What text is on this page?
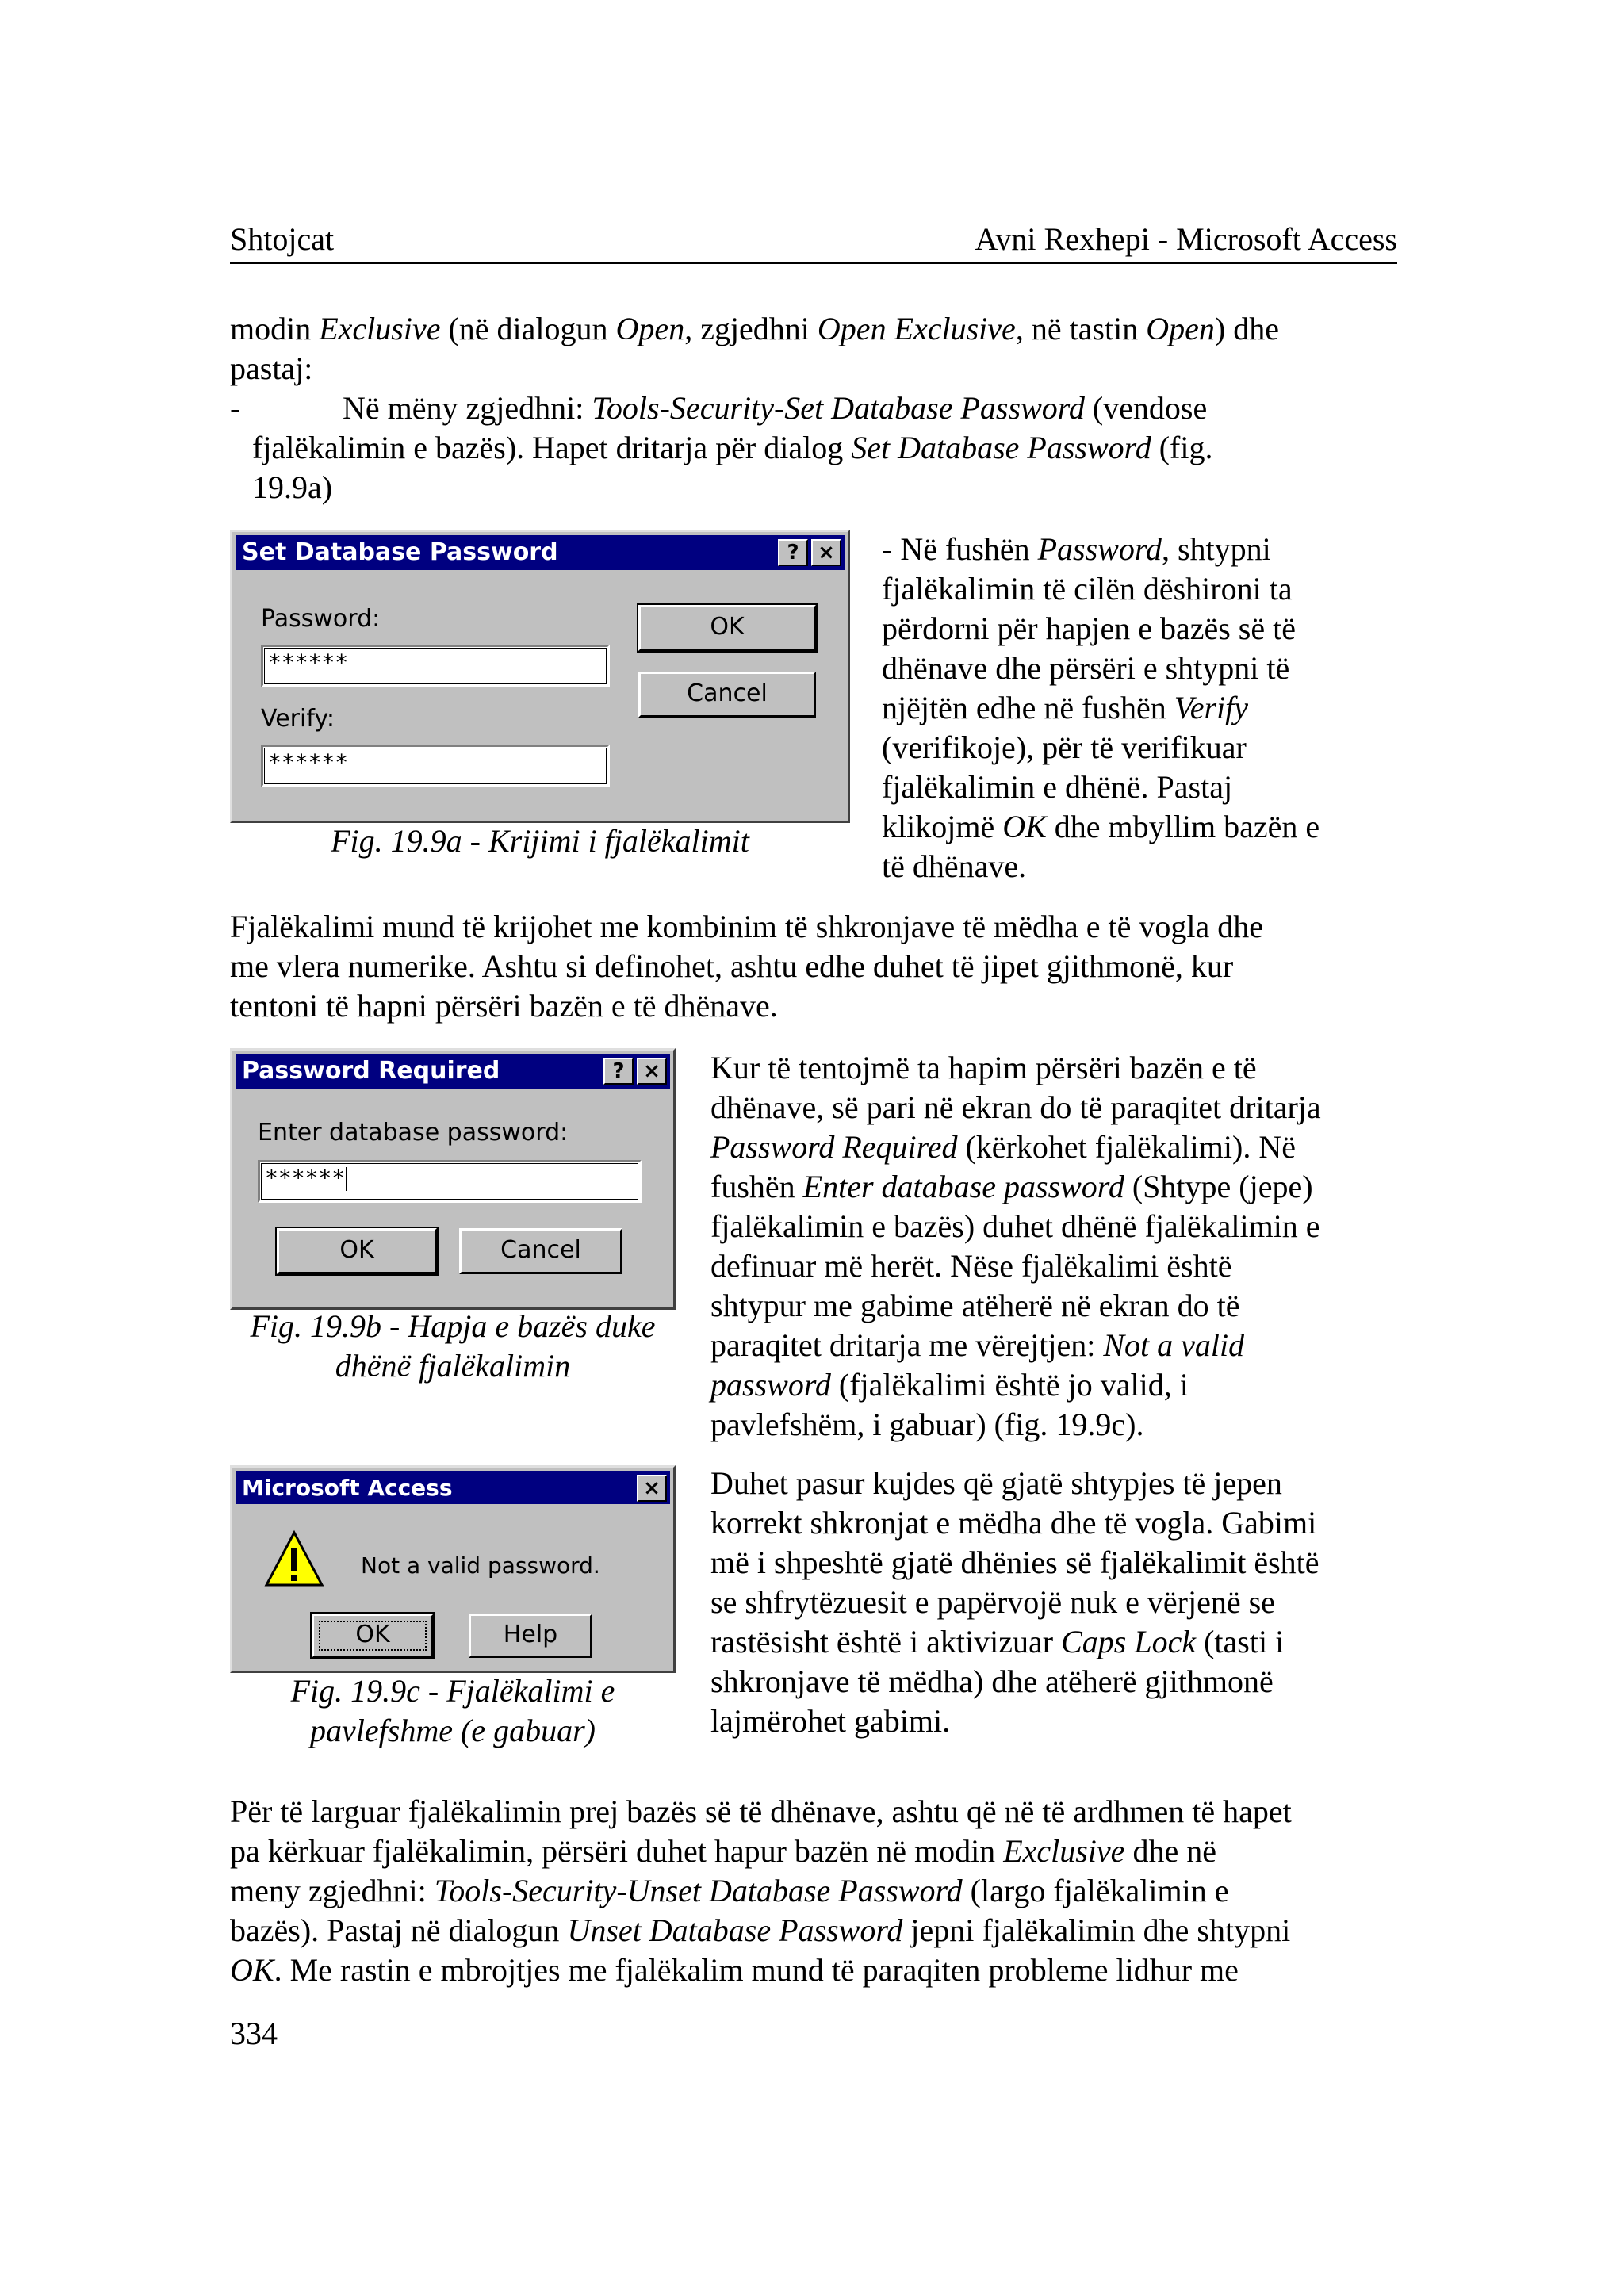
Shtojcat	Avni Rexhepi - Microsoft Access
modin Exclusive (në dialogun Open, zgjedhni Open Exclusive, në tastin Open) dhe
pastaj:
-	Në mëny zgjedhni: Tools-Security-Set Database Password (vendose
fjalëkalimin e bazës). Hapet dritarja për dialog Set Database Password (fig.
19.9a)
Set Database Password	? ×
Password:
******
Verify:
******
OK
Cancel
Fig. 19.9a - Krijimi i fjalëkalimit
- Në fushën Password, shtypni
fjalëkalimin të cilën dëshironi ta
përdorni për hapjen e bazës së të
dhënave dhe përsëri e shtypni të
njëjtën edhe në fushën Verify
(verifikoje), për të verifikuar
fjalëkalimin e dhënë. Pastaj
klikojmë OK dhe mbyllim bazën e
të dhënave.
Fjalëkalimi mund të krijohet me kombinim të shkronjave të mëdha e të vogla dhe
me vlera numerike. Ashtu si definohet, ashtu edhe duhet të jipet gjithmonë, kur
tentoni të hapni përsëri bazën e të dhënave.
Password Required	? ×
Enter database password:
******
OK	Cancel
Fig. 19.9b - Hapja e bazës duke
dhënë fjalëkalimin
Kur të tentojmë ta hapim përsëri bazën e të
dhënave, së pari në ekran do të paraqitet dritarja
Password Required (kërkohet fjalëkalimi). Në
fushën Enter database password (Shtype (jepe)
fjalëkalimin e bazës) duhet dhënë fjalëkalimin e
definuar më herët. Nëse fjalëkalimi është
shtypur me gabime atëherë në ekran do të
paraqitet dritarja me vërejtjen: Not a valid
password (fjalëkalimi është jo valid, i
pavlefshëm, i gabuar) (fig. 19.9c).
Microsoft Access	×
Not a valid password.
OK	Help
Fig. 19.9c - Fjalëkalimi e
pavlefshme (e gabuar)
Duhet pasur kujdes që gjatë shtypjes të jepen
korrekt shkronjat e mëdha dhe të vogla. Gabimi
më i shpeshtë gjatë dhënies së fjalëkalimit është
se shfrytëzuesit e papërvojë nuk e vërjenë se
rastësisht është i aktivizuar Caps Lock (tasti i
shkronjave të mëdha) dhe atëherë gjithmonë
lajmërohet gabimi.
Për të larguar fjalëkalimin prej bazës së të dhënave, ashtu që në të ardhmen të hapet
pa kërkuar fjalëkalimin, përsëri duhet hapur bazën në modin Exclusive dhe në
meny zgjedhni: Tools-Security-Unset Database Password (largo fjalëkalimin e
bazës). Pastaj në dialogun Unset Database Password jepni fjalëkalimin dhe shtypni
OK. Me rastin e mbrojtjes me fjalëkalim mund të paraqiten probleme lidhur me
334
